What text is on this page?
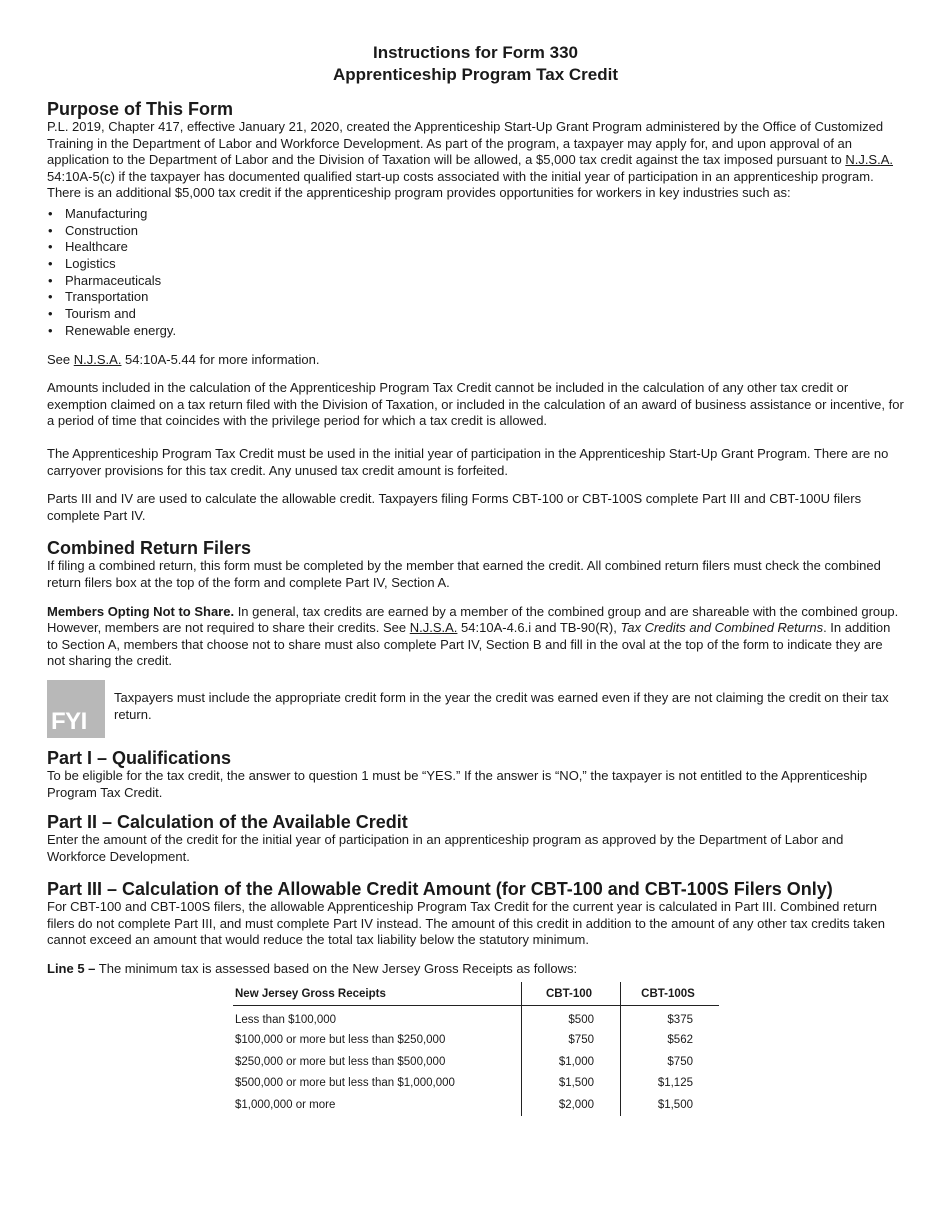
Instructions for Form 330

Apprenticeship Program Tax Credit

Purpose of This Form

P.L. 2019, Chapter 417, effective January 21, 2020, created the Apprenticeship Start-Up Grant Program administered by the Office of Customized Training in the Department of Labor and Workforce Development. As part of the program, a taxpayer may apply for, and upon approval of an application to the Department of Labor and the Division of Taxation will be allowed, a $5,000 tax credit against the tax imposed pursuant to N.J.S.A. 54:10A-5(c) if the taxpayer has documented qualified start-up costs associated with the initial year of participation in an apprenticeship program. There is an additional $5,000 tax credit if the apprenticeship program provides opportunities for workers in key industries such as:

• Manufacturing
• Construction
• Healthcare
• Logistics
• Pharmaceuticals
• Transportation
• Tourism and
• Renewable energy.

See N.J.S.A. 54:10A-5.44 for more information.

Amounts included in the calculation of the Apprenticeship Program Tax Credit cannot be included in the calculation of any other tax credit or exemption claimed on a tax return filed with the Division of Taxation, or included in the calculation of an award of business assistance or incentive, for a period of time that coincides with the privilege period for which a tax credit is allowed.

The Apprenticeship Program Tax Credit must be used in the initial year of participation in the Apprenticeship Start-Up Grant Program. There are no carryover provisions for this tax credit. Any unused tax credit amount is forfeited.

Parts III and IV are used to calculate the allowable credit. Taxpayers filing Forms CBT-100 or CBT-100S complete Part III and CBT-100U filers complete Part IV.

Combined Return Filers

If filing a combined return, this form must be completed by the member that earned the credit. All combined return filers must check the combined return filers box at the top of the form and complete Part IV, Section A.

Members Opting Not to Share. In general, tax credits are earned by a member of the combined group and are shareable with the combined group. However, members are not required to share their credits. See N.J.S.A. 54:10A-4.6.i and TB-90(R), Tax Credits and Combined Returns. In addition to Section A, members that choose not to share must also complete Part IV, Section B and fill in the oval at the top of the form to indicate they are not sharing the credit.

FYI

Taxpayers must include the appropriate credit form in the year the credit was earned even if they are not claiming the credit on their tax return.

Part I – Qualifications

To be eligible for the tax credit, the answer to question 1 must be “YES.” If the answer is “NO,” the taxpayer is not entitled to the Apprenticeship Program Tax Credit.

Part II – Calculation of the Available Credit

Enter the amount of the credit for the initial year of participation in an apprenticeship program as approved by the Department of Labor and Workforce Development.

Part III – Calculation of the Allowable Credit Amount (for CBT-100 and CBT-100S Filers Only)

For CBT-100 and CBT-100S filers, the allowable Apprenticeship Program Tax Credit for the current year is calculated in Part III. Combined return filers do not complete Part III, and must complete Part IV instead. The amount of this credit in addition to the amount of any other tax credits taken cannot exceed an amount that would reduce the total tax liability below the statutory minimum.

Line 5 – The minimum tax is assessed based on the New Jersey Gross Receipts as follows:

New Jersey Gross Receipts	CBT-100	CBT-100S
Less than $100,000	$500	$375
$100,000 or more but less than $250,000	$750	$562
$250,000 or more but less than $500,000	$1,000	$750
$500,000 or more but less than $1,000,000	$1,500	$1,125
$1,000,000 or more	$2,000	$1,500
